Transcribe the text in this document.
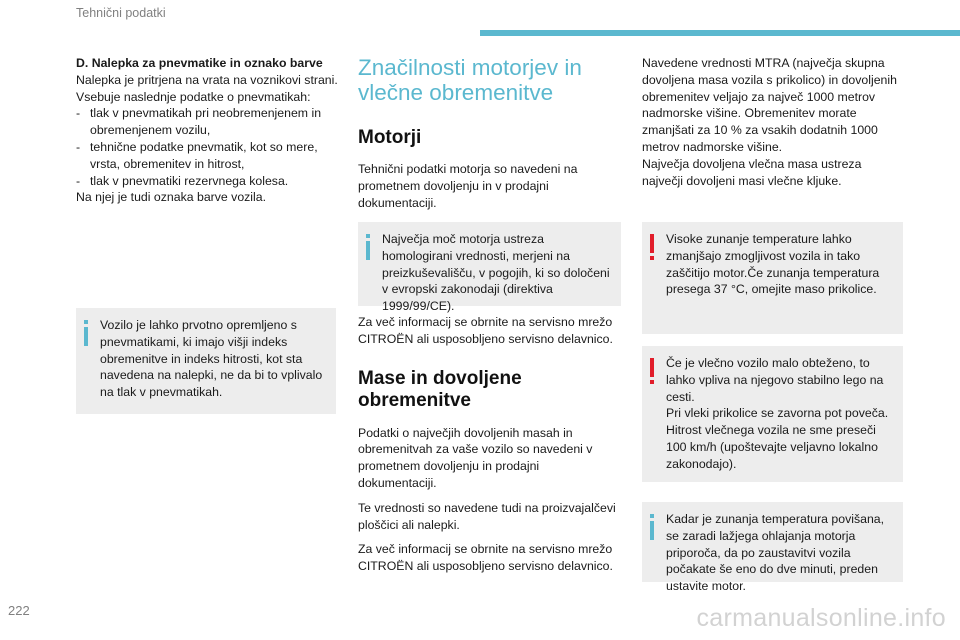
Tehnični podatki

D. Nalepka za pnevmatike in oznako barve

Nalepka je pritrjena na vrata na voznikovi strani.

Vsebuje naslednje podatke o pnevmatikah:

- tlak v pnevmatikah pri neobremenjenem in obremenjenem vozilu,
- tehnične podatke pnevmatik, kot so mere, vrsta, obremenitev in hitrost,
- tlak v pnevmatiki rezervnega kolesa.

Na njej je tudi oznaka barve vozila.

Vozilo je lahko prvotno opremljeno s pnevmatikami, ki imajo višji indeks obremenitve in indeks hitrosti, kot sta navedena na nalepki, ne da bi to vplivalo na tlak v pnevmatikah.

Značilnosti motorjev in vlečne obremenitve
Motorji

Tehnični podatki motorja so navedeni na prometnem dovoljenju in v prodajni dokumentaciji.

Največja moč motorja ustreza homologirani vrednosti, merjeni na preizkuševališču, v pogojih, ki so določeni v evropski zakonodaji (direktiva 1999/99/CE).

Za več informacij se obrnite na servisno mrežo CITROËN ali usposobljeno servisno delavnico.

Mase in dovoljene obremenitve

Podatki o največjih dovoljenih masah in obremenitvah za vaše vozilo so navedeni v prometnem dovoljenju in prodajni dokumentaciji.

Te vrednosti so navedene tudi na proizvajalčevi ploščici ali nalepki.

Za več informacij se obrnite na servisno mrežo CITROËN ali usposobljeno servisno delavnico.

Navedene vrednosti MTRA (največja skupna dovoljena masa vozila s prikolico) in dovoljenih obremenitev veljajo za največ 1000 metrov nadmorske višine. Obremenitev morate zmanjšati za 10 % za vsakih dodatnih 1000 metrov nadmorske višine.

Največja dovoljena vlečna masa ustreza največji dovoljeni masi vlečne kljuke.

Visoke zunanje temperature lahko zmanjšajo zmogljivost vozila in tako zaščitijo motor.Če zunanja temperatura presega 37 °C, omejite maso prikolice.

Če je vlečno vozilo malo obteženo, to lahko vpliva na njegovo stabilno lego na cesti.

Pri vleki prikolice se zavorna pot poveča.

Hitrost vlečnega vozila ne sme preseči 100 km/h (upoštevajte veljavno lokalno zakonodajo).

Kadar je zunanja temperatura povišana, se zaradi lažjega ohlajanja motorja priporoča, da po zaustavitvi vozila počakate še eno do dve minuti, preden ustavite motor.

222	carmanualsonline.info
